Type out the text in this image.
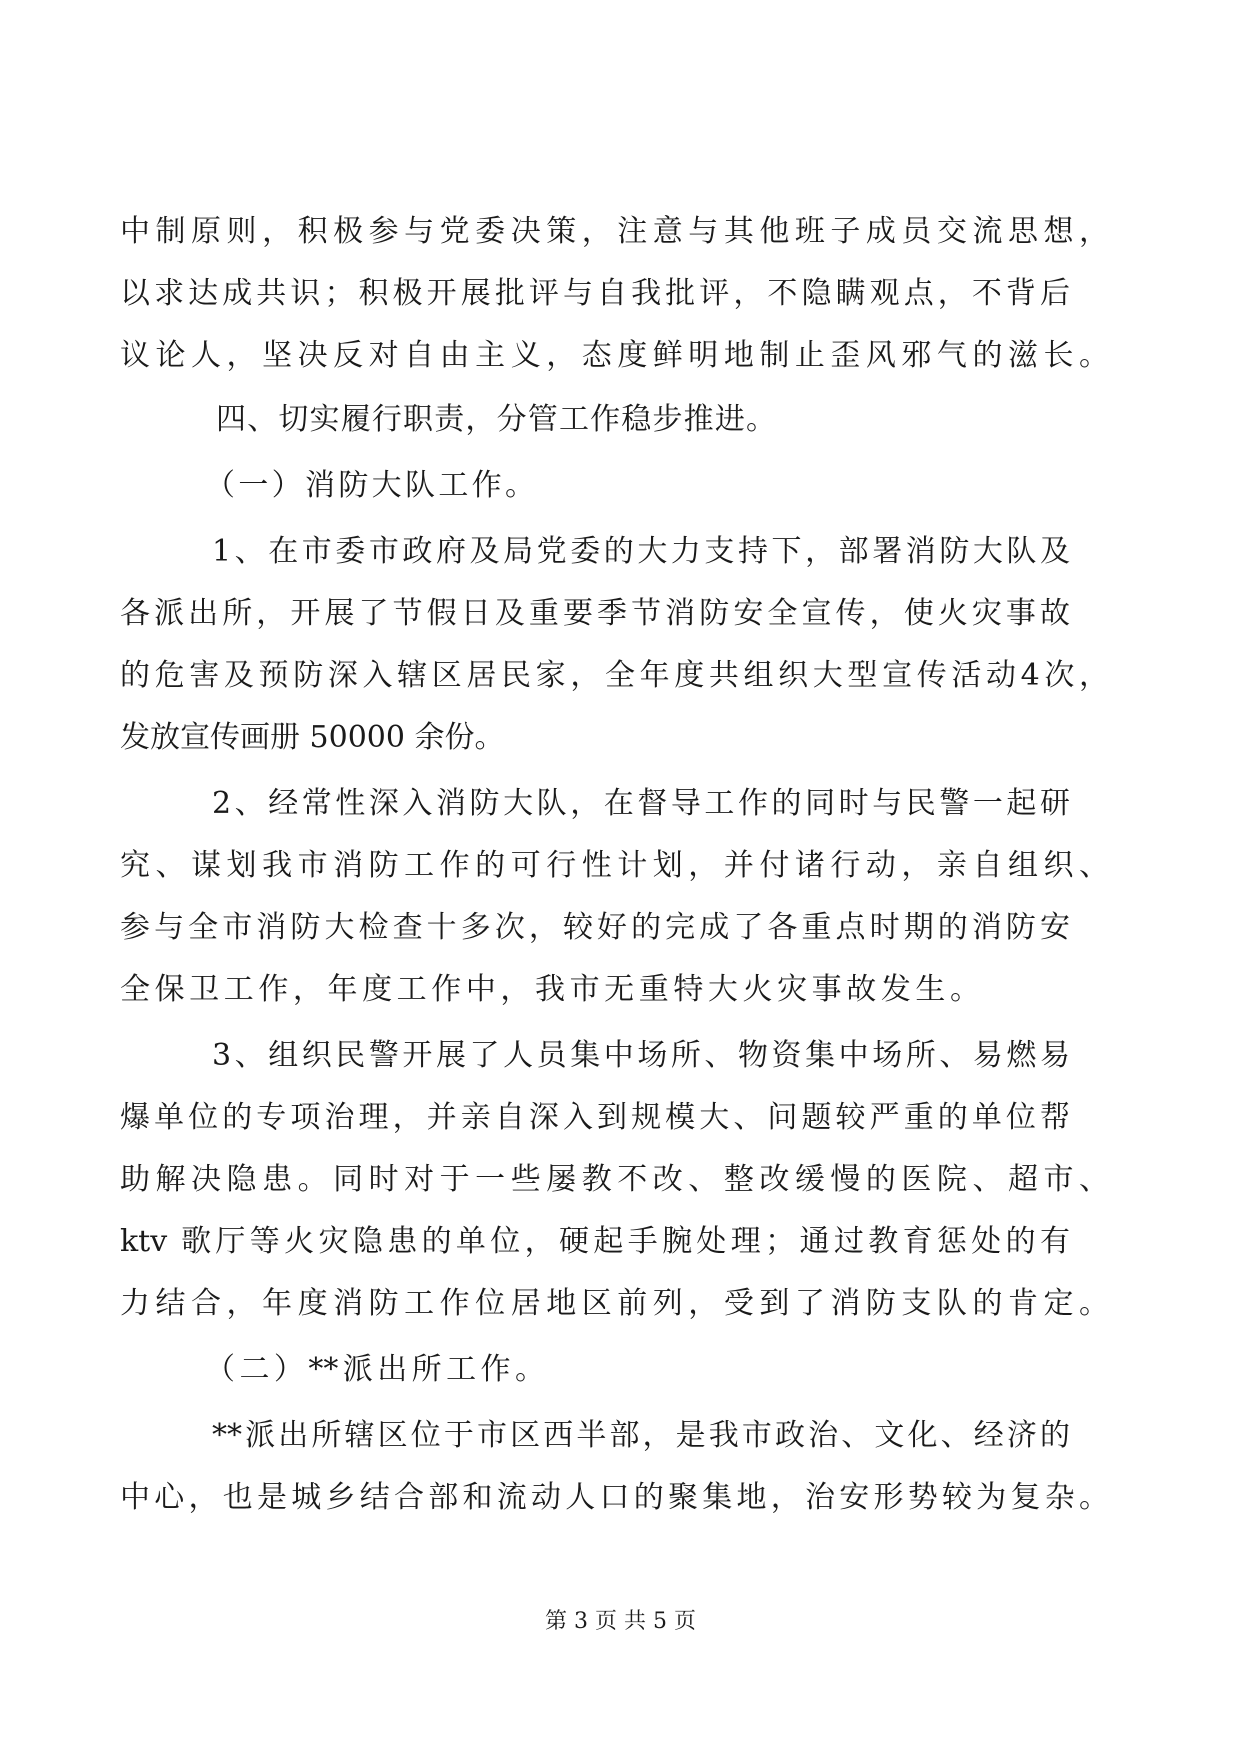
中制原则，积极参与党委决策，注意与其他班子成员交流思想，
以求达成共识；积极开展批评与自我批评，不隐瞒观点，不背后
议论人，坚决反对自由主义，态度鲜明地制止歪风邪气的滋长。
四、切实履行职责，分管工作稳步推进。
（一）消防大队工作。
1、在市委市政府及局党委的大力支持下，部署消防大队及
各派出所，开展了节假日及重要季节消防安全宣传，使火灾事故
的危害及预防深入辖区居民家，全年度共组织大型宣传活动4次，
发放宣传画册 50000 余份。
2、经常性深入消防大队，在督导工作的同时与民警一起研
究、谋划我市消防工作的可行性计划，并付诸行动，亲自组织、
参与全市消防大检查十多次，较好的完成了各重点时期的消防安
全保卫工作，年度工作中，我市无重特大火灾事故发生。
3、组织民警开展了人员集中场所、物资集中场所、易燃易
爆单位的专项治理，并亲自深入到规模大、问题较严重的单位帮
助解决隐患。同时对于一些屡教不改、整改缓慢的医院、超市、
ktv 歌厅等火灾隐患的单位，硬起手腕处理；通过教育惩处的有
力结合，年度消防工作位居地区前列，受到了消防支队的肯定。
（二）**派出所工作。
**派出所辖区位于市区西半部，是我市政治、文化、经济的
中心，也是城乡结合部和流动人口的聚集地，治安形势较为复杂。
第 3 页 共 5 页
